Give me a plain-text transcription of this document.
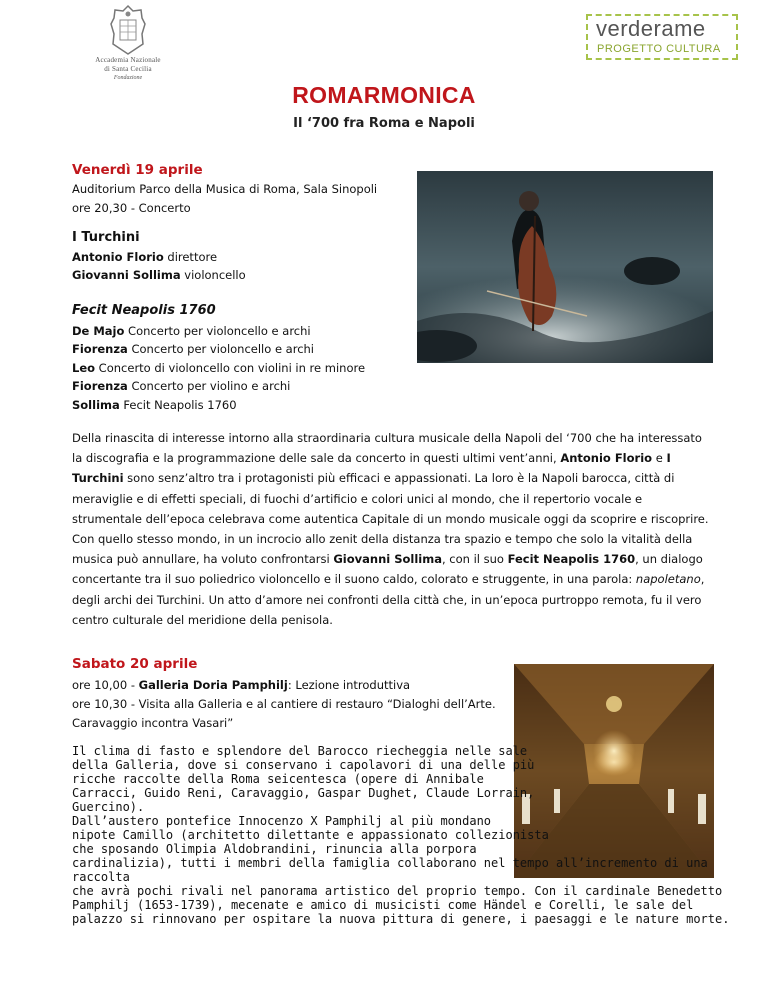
Accademia Nazionale
di Santa Cecilia
Fondazione
verderame
PROGETTO CULTURA
ROMARMONICA
Il ‘700 fra Roma e Napoli
Venerdì 19 aprile
Auditorium Parco della Musica di Roma, Sala Sinopoli
ore 20,30 - Concerto
I Turchini
Antonio Florio direttore
Giovanni Sollima violoncello
Fecit Neapolis 1760
De Majo Concerto per violoncello e archi
Fiorenza Concerto per violoncello e archi
Leo Concerto di violoncello con violini in re minore
Fiorenza Concerto per violino e archi
Sollima Fecit Neapolis 1760
Della rinascita di interesse intorno alla straordinaria cultura musicale della Napoli del ‘700 che ha interessato la discografia e la programmazione delle sale da concerto in questi ultimi vent’anni, Antonio Florio e I Turchini sono senz’altro tra i protagonisti più efficaci e appassionati. La loro è la Napoli barocca, città di meraviglie e di effetti speciali, di fuochi d’artificio e colori unici al mondo, che il repertorio vocale e strumentale dell’epoca celebrava come autentica Capitale di un mondo musicale oggi da scoprire e riscoprire. Con quello stesso mondo, in un incrocio allo zenit della distanza tra spazio e tempo che solo la vitalità della musica può annullare, ha voluto confrontarsi Giovanni Sollima, con il suo Fecit Neapolis 1760, un dialogo concertante tra il suo poliedrico violoncello e il suono caldo, colorato e struggente, in una parola: napoletano, degli archi dei Turchini. Un atto d’amore nei confronti della città che, in un’epoca purtroppo remota, fu il vero centro culturale del meridione della penisola.
Sabato 20 aprile
ore 10,00 - Galleria Doria Pamphilj: Lezione introduttiva
ore 10,30 - Visita alla Galleria e al cantiere di restauro “Dialoghi dell’Arte.
Caravaggio incontra Vasari”
Il clima di fasto e splendore del Barocco riecheggia nelle sale
della Galleria, dove si conservano i capolavori di una delle più
ricche raccolte della Roma seicentesca (opere di Annibale
Carracci, Guido Reni, Caravaggio, Gaspar Dughet, Claude Lorrain,
Guercino).
Dall’austero pontefice Innocenzo X Pamphilj al più mondano
nipote Camillo (architetto dilettante e appassionato collezionista
che sposando Olimpia Aldobrandini, rinuncia alla porpora
cardinalizia), tutti i membri della famiglia collaborano nel tempo all’incremento di una raccolta
che avrà pochi rivali nel panorama artistico del proprio tempo. Con il cardinale Benedetto
Pamphilj (1653-1739), mecenate e amico di musicisti come Händel e Corelli, le sale del
palazzo si rinnovano per ospitare la nuova pittura di genere, i paesaggi e le nature morte.
